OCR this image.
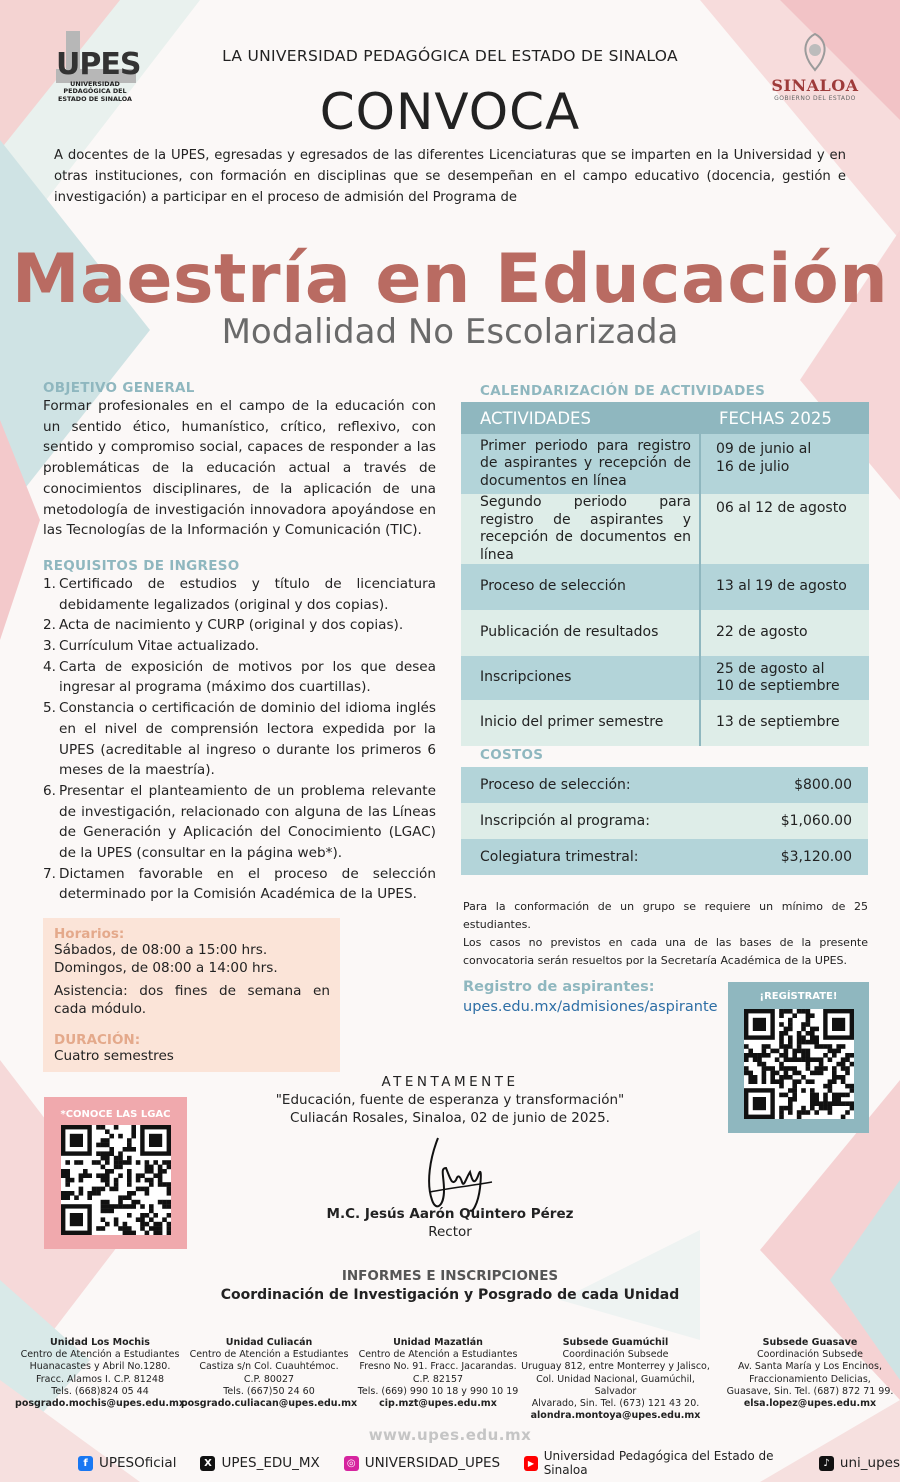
UPES
UNIVERSIDAD PEDAGÓGICA DEL ESTADO DE SINALOA
SINALOA
GOBIERNO DEL ESTADO
LA UNIVERSIDAD PEDAGÓGICA DEL ESTADO DE SINALOA
CONVOCA
A docentes de la UPES, egresadas y egresados de las diferentes Licenciaturas que se imparten en la Universidad y en otras instituciones, con formación en disciplinas que se desempeñan en el campo educativo (docencia, gestión e investigación) a participar en el proceso de admisión del Programa de
Maestría en Educación
Modalidad No Escolarizada
OBJETIVO GENERAL
Formar profesionales en el campo de la educación con un sentido ético, humanístico, crítico, reflexivo, con sentido y compromiso social, capaces de responder a las problemáticas de la educación actual a través de conocimientos disciplinares, de la aplicación de una metodología de investigación innovadora apoyándose en las Tecnologías de la Información y Comunicación (TIC).
REQUISITOS DE INGRESO
1. Certificado de estudios y título de licenciatura debidamente legalizados (original y dos copias).
2. Acta de nacimiento y CURP (original y dos copias).
3. Currículum Vitae actualizado.
4. Carta de exposición de motivos por los que desea ingresar al programa (máximo dos cuartillas).
5. Constancia o certificación de dominio del idioma inglés en el nivel de comprensión lectora expedida por la UPES (acreditable al ingreso o durante los primeros 6 meses de la maestría).
6. Presentar el planteamiento de un problema relevante de investigación, relacionado con alguna de las Líneas de Generación y Aplicación del Conocimiento (LGAC) de la UPES (consultar en la página web*).
7. Dictamen favorable en el proceso de selección determinado por la Comisión Académica de la UPES.
Horarios:
Sábados, de 08:00 a 15:00 hrs.
Domingos, de 08:00 a 14:00 hrs.
Asistencia: dos fines de semana en cada módulo.
DURACIÓN:
Cuatro semestres
*CONOCE LAS LGAC
CALENDARIZACIÓN DE ACTIVIDADES
ACTIVIDADES	FECHAS 2025
Primer periodo para registro de aspirantes y recepción de documentos en línea	09 de junio al 16 de julio

Segundo periodo para registro de aspirantes y recepción de documentos en línea	06 al 12 de agosto
Proceso de selección	13 al 19 de agosto
Publicación de resultados	22 de agosto
Inscripciones	25 de agosto al 10 de septiembre

Inicio del primer semestre	13 de septiembre
COSTOS
Proceso de selección:	$800.00
Inscripción al programa:	$1,060.00
Colegiatura trimestral:	$3,120.00
Para la conformación de un grupo se requiere un mínimo de 25 estudiantes.
Los casos no previstos en cada una de las bases de la presente convocatoria serán resueltos por la Secretaría Académica de la UPES.
Registro de aspirantes:
upes.edu.mx/admisiones/aspirante
¡REGÍSTRATE!
ATENTAMENTE
"Educación, fuente de esperanza y transformación"
Culiacán Rosales, Sinaloa, 02 de junio de 2025.
M.C. Jesús Aarón Quintero Pérez
Rector
INFORMES E INSCRIPCIONES
Coordinación de Investigación y Posgrado de cada Unidad
Unidad Los Mochis
Centro de Atención a Estudiantes
Huanacastes y Abril No.1280.
Fracc. Alamos I. C.P. 81248
Tels. (668)824 05 44
posgrado.mochis@upes.edu.mx
Unidad Culiacán
Centro de Atención a Estudiantes
Castiza s/n Col. Cuauhtémoc.
C.P. 80027
Tels. (667)50 24 60
posgrado.culiacan@upes.edu.mx
Unidad Mazatlán
Centro de Atención a Estudiantes
Fresno No. 91. Fracc. Jacarandas.
C.P. 82157
Tels. (669) 990 10 18 y 990 10 19
cip.mzt@upes.edu.mx
Subsede Guamúchil
Coordinación Subsede
Uruguay 812, entre Monterrey y Jalisco,
Col. Unidad Nacional, Guamúchil, Salvador
Alvarado, Sin. Tel. (673) 121 43 20.
alondra.montoya@upes.edu.mx
Subsede Guasave
Coordinación Subsede
Av. Santa María y Los Encinos,
Fraccionamiento Delicias,
Guasave, Sin. Tel. (687) 872 71 99.
elsa.lopez@upes.edu.mx
www.upes.edu.mx
f UPESOficial	X UPES_EDU_MX	◎ UNIVERSIDAD_UPES	▶ Universidad Pedagógica del Estado de Sinaloa	♪ uni_upes
